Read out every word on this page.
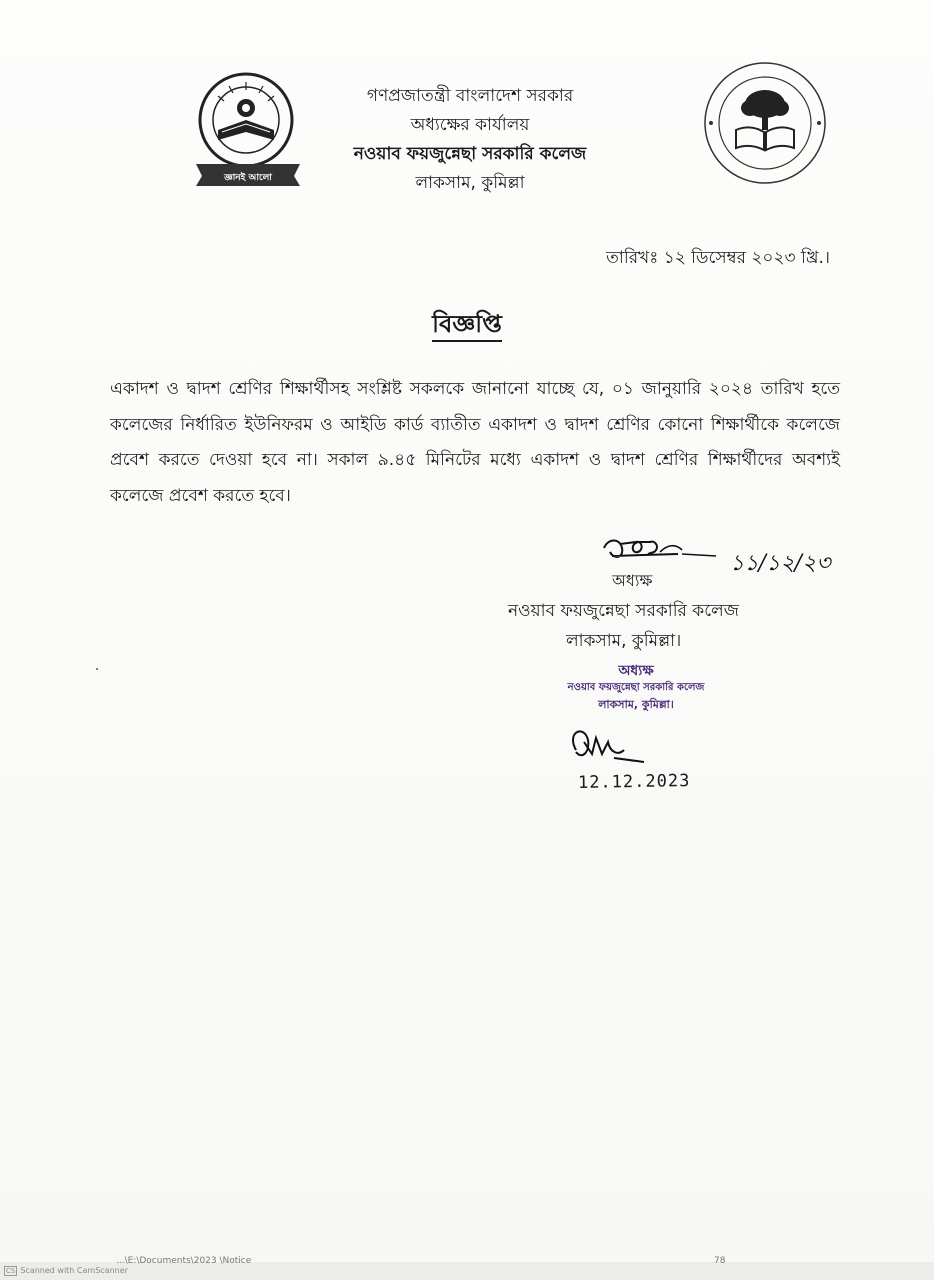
জ্ঞানই আলো
গণপ্রজাতন্ত্রী বাংলাদেশ সরকার
অধ্যক্ষের কার্যালয়
নওয়াব ফয়জুন্নেছা সরকারি কলেজ
লাকসাম, কুমিল্লা
তারিখঃ ১২ ডিসেম্বর ২০২৩ খ্রি.।
বিজ্ঞপ্তি
একাদশ ও দ্বাদশ শ্রেণির শিক্ষার্থীসহ সংশ্লিষ্ট সকলকে জানানো যাচ্ছে যে, ০১ জানুয়ারি ২০২৪ তারিখ হতে কলেজের নির্ধারিত ইউনিফরম ও আইডি কার্ড ব্যাতীত একাদশ ও দ্বাদশ শ্রেণির কোনো শিক্ষার্থীকে কলেজে প্রবেশ করতে দেওয়া হবে না। সকাল ৯.৪৫ মিনিটের মধ্যে একাদশ ও দ্বাদশ শ্রেণির শিক্ষার্থীদের অবশ্যই কলেজে প্রবেশ করতে হবে।
১১/১২/২৩
অধ্যক্ষ
নওয়াব ফয়জুন্নেছা সরকারি কলেজ
লাকসাম, কুমিল্লা।
অধ্যক্ষ
নওয়াব ফয়জুন্নেছা সরকারি কলেজ
লাকসাম, কুমিল্লা।
12.12.2023
...\E:\Documents\2023 \Notice	78
CS Scanned with CamScanner
